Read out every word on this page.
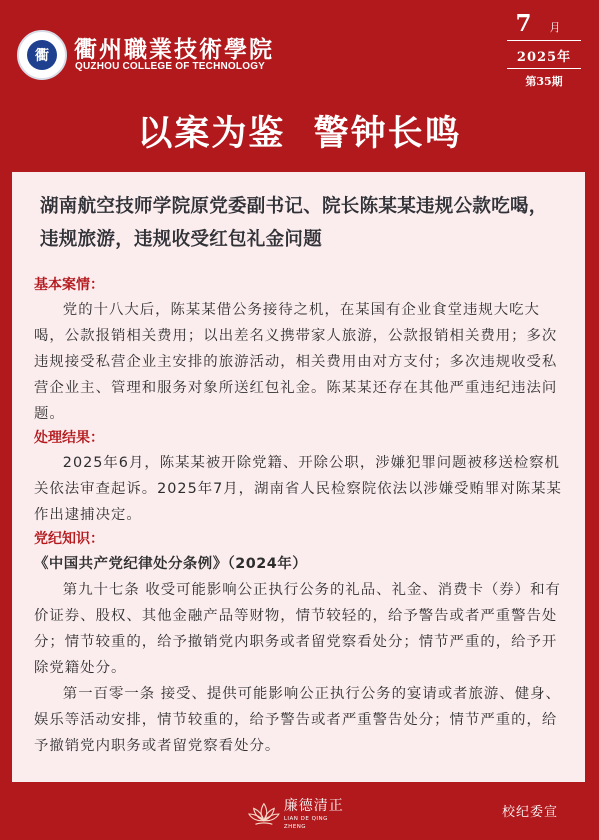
衢	衢州職業技術學院
QUZHOU COLLEGE OF TECHNOLOGY
7 月
2025年
第35期
以案为鉴  警钟长鸣
湖南航空技师学院原党委副书记、院长陈某某违规公款吃喝，违规旅游，违规收受红包礼金问题
基本案情：
党的十八大后，陈某某借公务接待之机，在某国有企业食堂违规大吃大喝，公款报销相关费用；以出差名义携带家人旅游，公款报销相关费用；多次违规接受私营企业主安排的旅游活动，相关费用由对方支付；多次违规收受私营企业主、管理和服务对象所送红包礼金。陈某某还存在其他严重违纪违法问题。
处理结果：
2025年6月，陈某某被开除党籍、开除公职，涉嫌犯罪问题被移送检察机关依法审查起诉。2025年7月，湖南省人民检察院依法以涉嫌受贿罪对陈某某作出逮捕决定。
党纪知识：
《中国共产党纪律处分条例》（2024年）
第九十七条 收受可能影响公正执行公务的礼品、礼金、消费卡（券）和有价证券、股权、其他金融产品等财物，情节较轻的，给予警告或者严重警告处分；情节较重的，给予撤销党内职务或者留党察看处分；情节严重的，给予开除党籍处分。
第一百零一条 接受、提供可能影响公正执行公务的宴请或者旅游、健身、娱乐等活动安排，情节较重的，给予警告或者严重警告处分；情节严重的，给予撤销党内职务或者留党察看处分。
廉德清正
LIAN DE QING ZHENG
校纪委宣
